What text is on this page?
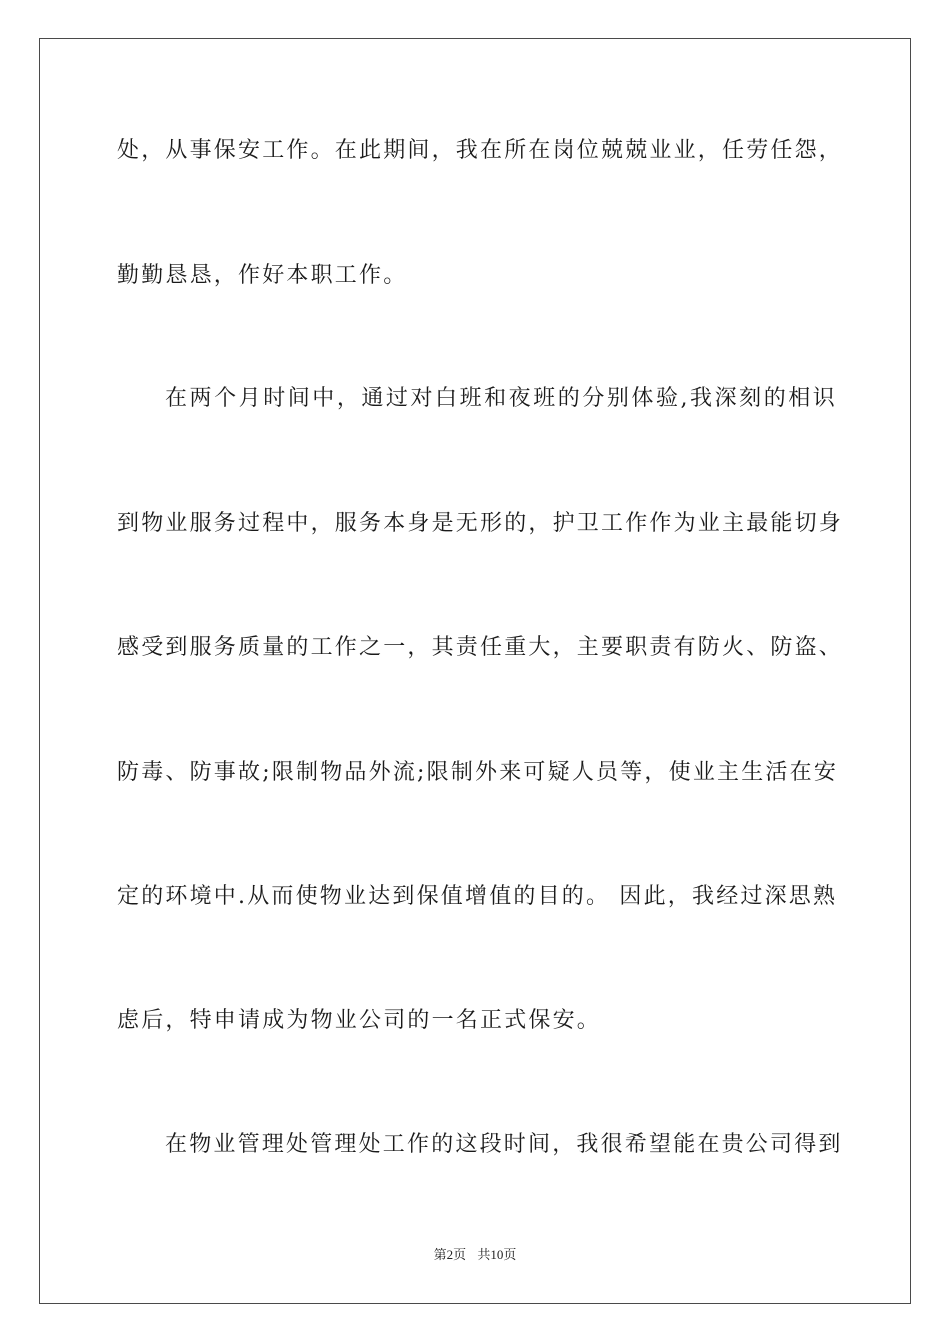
处，从事保安工作。在此期间，我在所在岗位兢兢业业，任劳任怨，
勤勤恳恳，作好本职工作。
在两个月时间中，通过对白班和夜班的分别体验,我深刻的相识
到物业服务过程中，服务本身是无形的，护卫工作作为业主最能切身
感受到服务质量的工作之一，其责任重大，主要职责有防火、防盗、
防毒、防事故;限制物品外流;限制外来可疑人员等，使业主生活在安
定的环境中.从而使物业达到保值增值的目的。 因此，我经过深思熟
虑后，特申请成为物业公司的一名正式保安。
在物业管理处管理处工作的这段时间，我很希望能在贵公司得到
第2页 共10页
